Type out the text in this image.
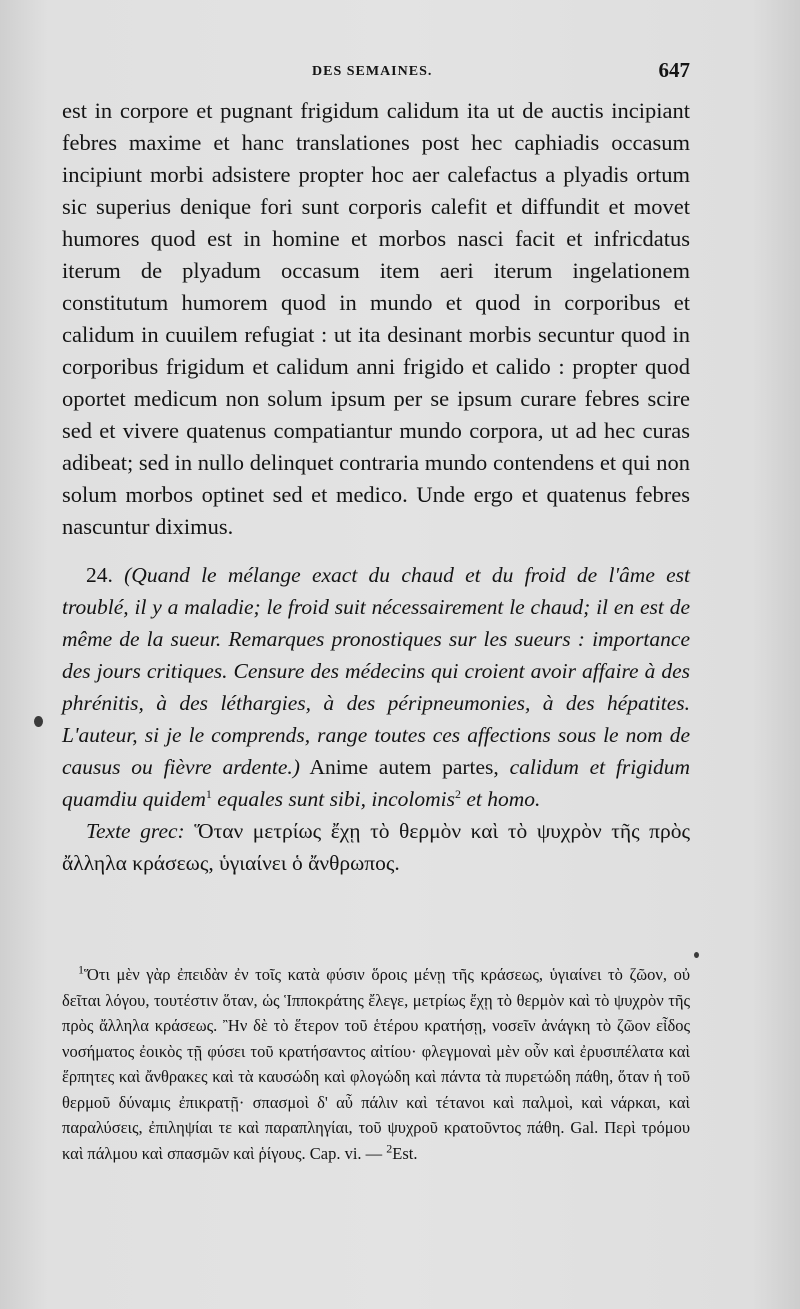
DES SEMAINES.	647

est in corpore et pugnant frigidum calidum ita ut de auctis incipiant febres maxime et hanc translationes post hec caphiadis occasum incipiunt morbi adsistere propter hoc aer calefactus a plyadis ortum sic superius denique fori sunt corporis calefit et diffundit et movet humores quod est in homine et morbos nasci facit et infricdatus iterum de plyadum occasum item aeri iterum ingelationem constitutum humorem quod in mundo et quod in corporibus et calidum in cuuilem refugiat : ut ita desinant morbis secuntur quod in corporibus frigidum et calidum anni frigido et calido : propter quod oportet medicum non solum ipsum per se ipsum curare febres scire sed et vivere quatenus compatiantur mundo corpora, ut ad hec curas adibeat; sed in nullo delinquet contraria mundo contendens et qui non solum morbos optinet sed et medico. Unde ergo et quatenus febres nascuntur diximus.

24. (Quand le mélange exact du chaud et du froid de l'âme est troublé, il y a maladie; le froid suit nécessairement le chaud; il en est de même de la sueur. Remarques pronostiques sur les sueurs : importance des jours critiques. Censure des médecins qui croient avoir affaire à des phrénitis, à des léthargies, à des péripneumonies, à des hépatites. L'auteur, si je le comprends, range toutes ces affections sous le nom de causus ou fièvre ardente.) Anime autem partes, calidum et frigidum quamdiu quidem$^1$ equales sunt sibi, incolomis$^2$ et homo.

Texte grec: Ὅταν μετρίως ἔχῃ τὸ θερμὸν καὶ τὸ ψυχρὸν τῆς πρὸς ἄλληλα κράσεως, ὑγιαίνει ὁ ἄνθρωπος.

$^1$Ὅτι μὲν γὰρ ἐπειδὰν ἐν τοῖς κατὰ φύσιν ὅροις μένῃ τῆς κράσεως, ὑγιαίνει τὸ ζῶον, οὐ δεῖται λόγου, τουτέστιν ὅταν, ὡς Ἱπποκράτης ἔλεγε, μετρίως ἔχῃ τὸ θερμὸν καὶ τὸ ψυχρὸν τῆς πρὸς ἄλληλα κράσεως. Ἢν δὲ τὸ ἕτερον τοῦ ἑτέρου κρατήσῃ, νοσεῖν ἀνάγκη τὸ ζῶον εἶδος νοσήματος ἐοικὸς τῇ φύσει τοῦ κρατήσαντος αἰτίου· φλεγμοναὶ μὲν οὖν καὶ ἐρυσιπέλατα καὶ ἕρπητες καὶ ἄνθρακες καὶ τὰ καυσώδη καὶ φλογώδη καὶ πάντα τὰ πυρετώδη πάθη, ὅταν ἡ τοῦ θερμοῦ δύναμις ἐπικρατῇ· σπασμοὶ δ' αὖ πάλιν καὶ τέτανοι καὶ παλμοὶ, καὶ νάρκαι, καὶ παραλύσεις, ἐπιληψίαι τε καὶ παραπληγίαι, τοῦ ψυχροῦ κρατοῦντος πάθη. Gal. Περὶ τρόμου καὶ πάλμου καὶ σπασμῶν καὶ ῥίγους. Cap. vi. — $^2$Est.
